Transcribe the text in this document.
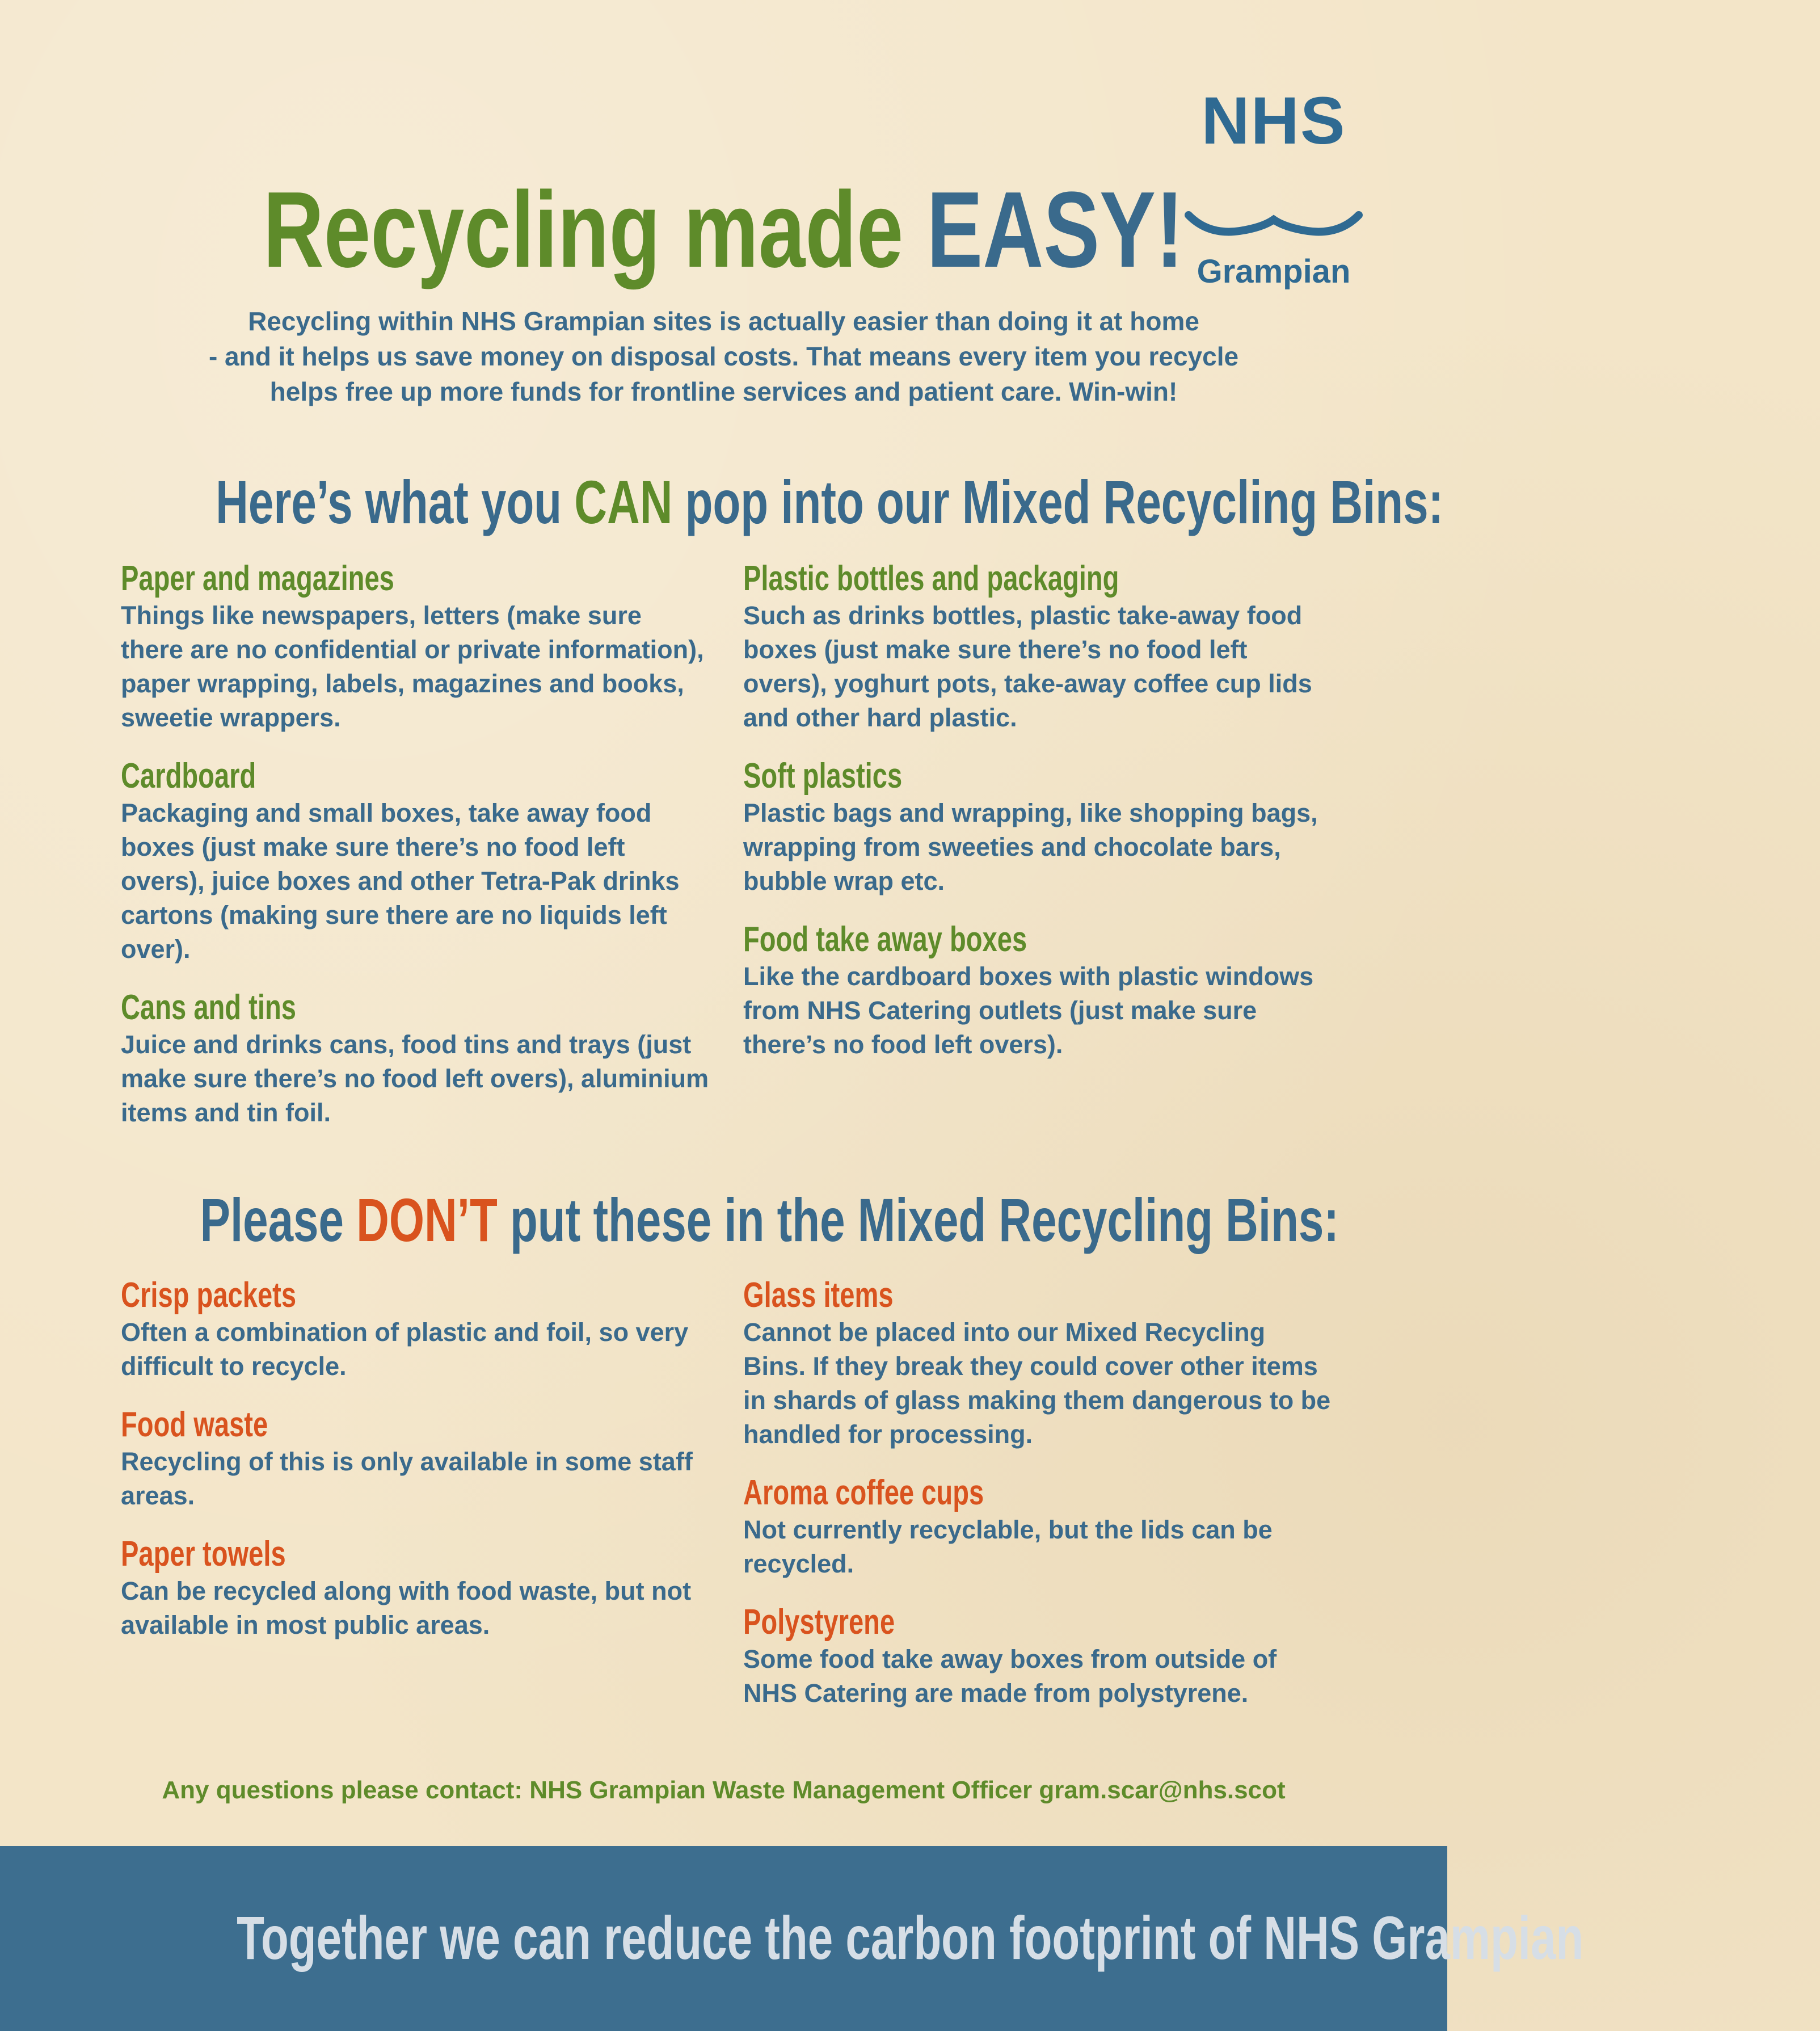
NHS
Grampian
Recycling made EASY!
Recycling within NHS Grampian sites is actually easier than doing it at home
- and it helps us save money on disposal costs. That means every item you recycle
helps free up more funds for frontline services and patient care. Win-win!
Here’s what you CAN pop into our Mixed Recycling Bins:
Paper and magazines
Things like newspapers, letters (make sure there are no confidential or private information), paper wrapping, labels, magazines and books, sweetie wrappers.
Cardboard
Packaging and small boxes, take away food boxes (just make sure there’s no food left overs), juice boxes and other Tetra-Pak drinks cartons (making sure there are no liquids left over).
Cans and tins
Juice and drinks cans, food tins and trays (just make sure there’s no food left overs), aluminium items and tin foil.
Plastic bottles and packaging
Such as drinks bottles, plastic take-away food boxes (just make sure there’s no food left overs), yoghurt pots, take-away coffee cup lids and other hard plastic.
Soft plastics
Plastic bags and wrapping, like shopping bags, wrapping from sweeties and chocolate bars, bubble wrap etc.
Food take away boxes
Like the cardboard boxes with plastic windows from NHS Catering outlets (just make sure there’s no food left overs).
Please DON’T put these in the Mixed Recycling Bins:
Crisp packets
Often a combination of plastic and foil, so very difficult to recycle.
Food waste
Recycling of this is only available in some staff areas.
Paper towels
Can be recycled along with food waste, but not available in most public areas.
Glass items
Cannot be placed into our Mixed Recycling Bins. If they break they could cover other items in shards of glass making them dangerous to be handled for processing.
Aroma coffee cups
Not currently recyclable, but the lids can be recycled.
Polystyrene
Some food take away boxes from outside of NHS Catering are made from polystyrene.
Any questions please contact: NHS Grampian Waste Management Officer gram.scar@nhs.scot
Together we can reduce the carbon footprint of NHS Grampian
